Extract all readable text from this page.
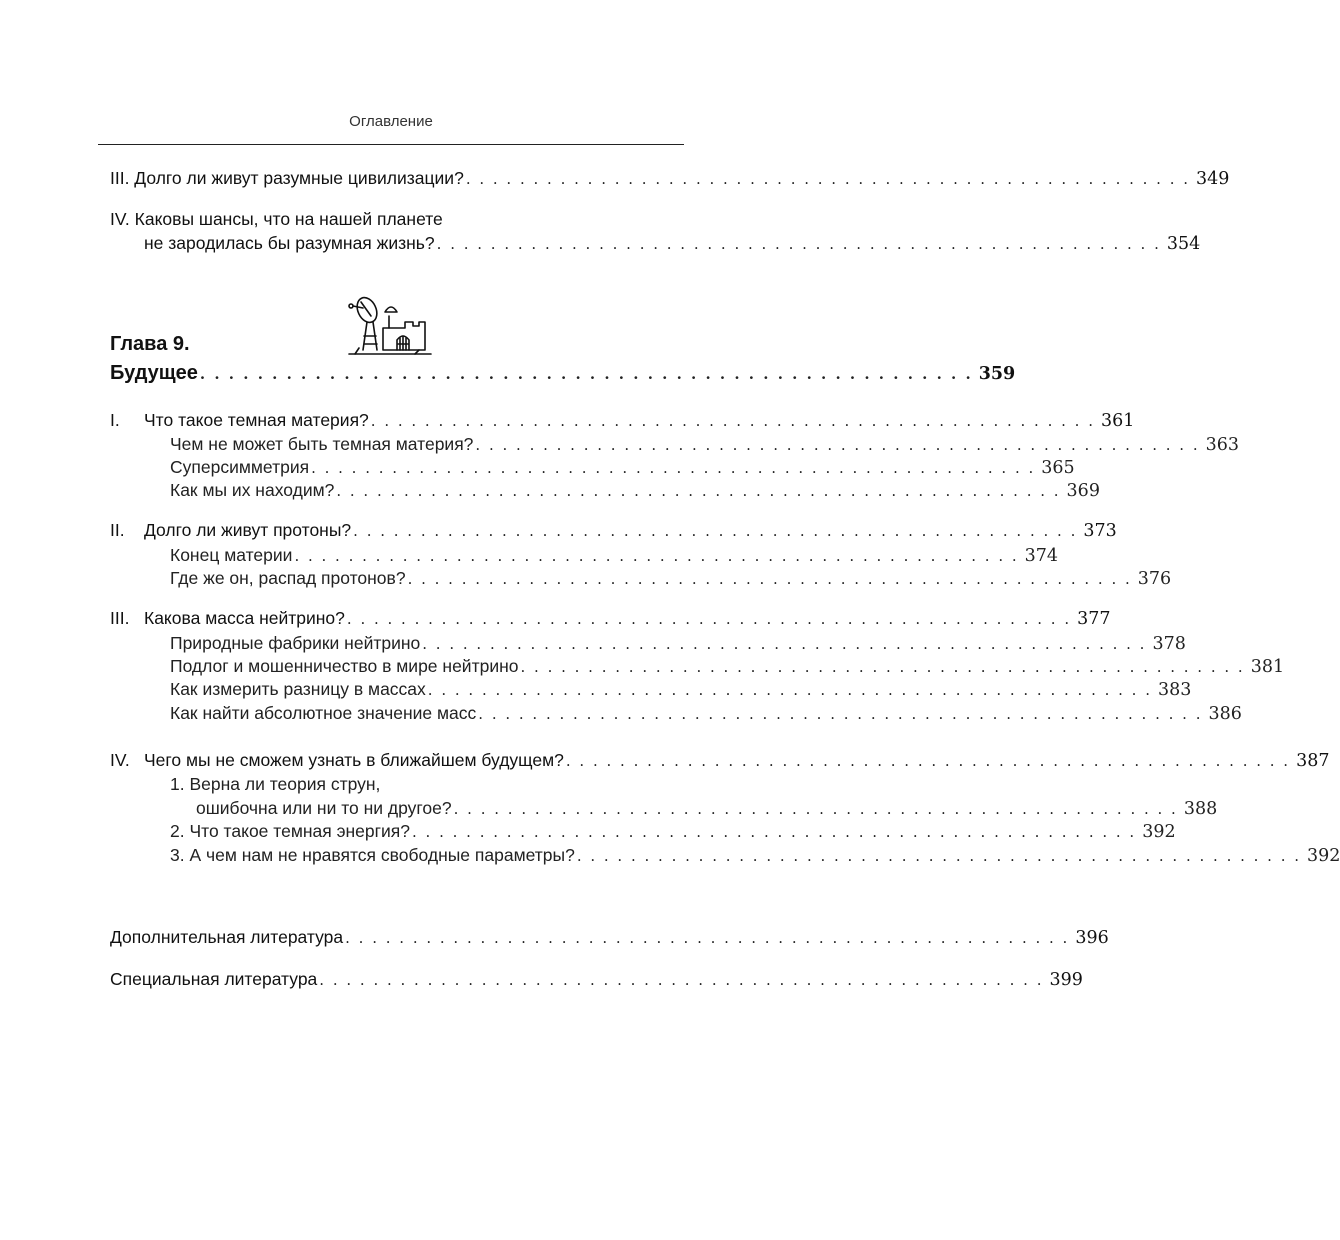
Оглавление
III. Долго ли живут разумные цивилизации? . . . . . . . . . . . . . . . . . . . . . . . . . . . . . . . . . . . . . . . . . . . . . . . . . . . . . . 349
IV. Каковы шансы, что на нашей планете
не зародилась бы разумная жизнь? . . . . . . . . . . . . . . . . . . . . . . . . . . . . . . . . . . . . . . . . . . . . . . . . . . . . . . 354
Глава 9.
Будущее . . . . . . . . . . . . . . . . . . . . . . . . . . . . . . . . . . . . . . . . . . . . . . . . . . . . . . 359
I. Что такое темная материя? . . . . . . . . . . . . . . . . . . . . . . . . . . . . . . . . . . . . . . . . . . . . . . . . . . . . . . 361
Чем не может быть темная материя? . . . . . . . . . . . . . . . . . . . . . . . . . . . . . . . . . . . . . . . . . . . . . . . . . . . . . . 363
Суперсимметрия . . . . . . . . . . . . . . . . . . . . . . . . . . . . . . . . . . . . . . . . . . . . . . . . . . . . . . 365
Как мы их находим? . . . . . . . . . . . . . . . . . . . . . . . . . . . . . . . . . . . . . . . . . . . . . . . . . . . . . . 369
II. Долго ли живут протоны? . . . . . . . . . . . . . . . . . . . . . . . . . . . . . . . . . . . . . . . . . . . . . . . . . . . . . . 373
Конец материи . . . . . . . . . . . . . . . . . . . . . . . . . . . . . . . . . . . . . . . . . . . . . . . . . . . . . . 374
Где же он, распад протонов? . . . . . . . . . . . . . . . . . . . . . . . . . . . . . . . . . . . . . . . . . . . . . . . . . . . . . . 376
III. Какова масса нейтрино? . . . . . . . . . . . . . . . . . . . . . . . . . . . . . . . . . . . . . . . . . . . . . . . . . . . . . . 377
Природные фабрики нейтрино . . . . . . . . . . . . . . . . . . . . . . . . . . . . . . . . . . . . . . . . . . . . . . . . . . . . . . 378
Подлог и мошенничество в мире нейтрино . . . . . . . . . . . . . . . . . . . . . . . . . . . . . . . . . . . . . . . . . . . . . . . . . . . . . . 381
Как измерить разницу в массах . . . . . . . . . . . . . . . . . . . . . . . . . . . . . . . . . . . . . . . . . . . . . . . . . . . . . . 383
Как найти абсолютное значение масс . . . . . . . . . . . . . . . . . . . . . . . . . . . . . . . . . . . . . . . . . . . . . . . . . . . . . . 386
IV. Чего мы не сможем узнать в ближайшем будущем? . . . . . . . . . . . . . . . . . . . . . . . . . . . . . . . . . . . . . . . . . . . . . . . . . . . . . . 387
1. Верна ли теория струн,
ошибочна или ни то ни другое? . . . . . . . . . . . . . . . . . . . . . . . . . . . . . . . . . . . . . . . . . . . . . . . . . . . . . . 388
2. Что такое темная энергия? . . . . . . . . . . . . . . . . . . . . . . . . . . . . . . . . . . . . . . . . . . . . . . . . . . . . . . 392
3. А чем нам не нравятся свободные параметры? . . . . . . . . . . . . . . . . . . . . . . . . . . . . . . . . . . . . . . . . . . . . . . . . . . . . . . 392
Дополнительная литература . . . . . . . . . . . . . . . . . . . . . . . . . . . . . . . . . . . . . . . . . . . . . . . . . . . . . . 396
Специальная литература . . . . . . . . . . . . . . . . . . . . . . . . . . . . . . . . . . . . . . . . . . . . . . . . . . . . . . 399
